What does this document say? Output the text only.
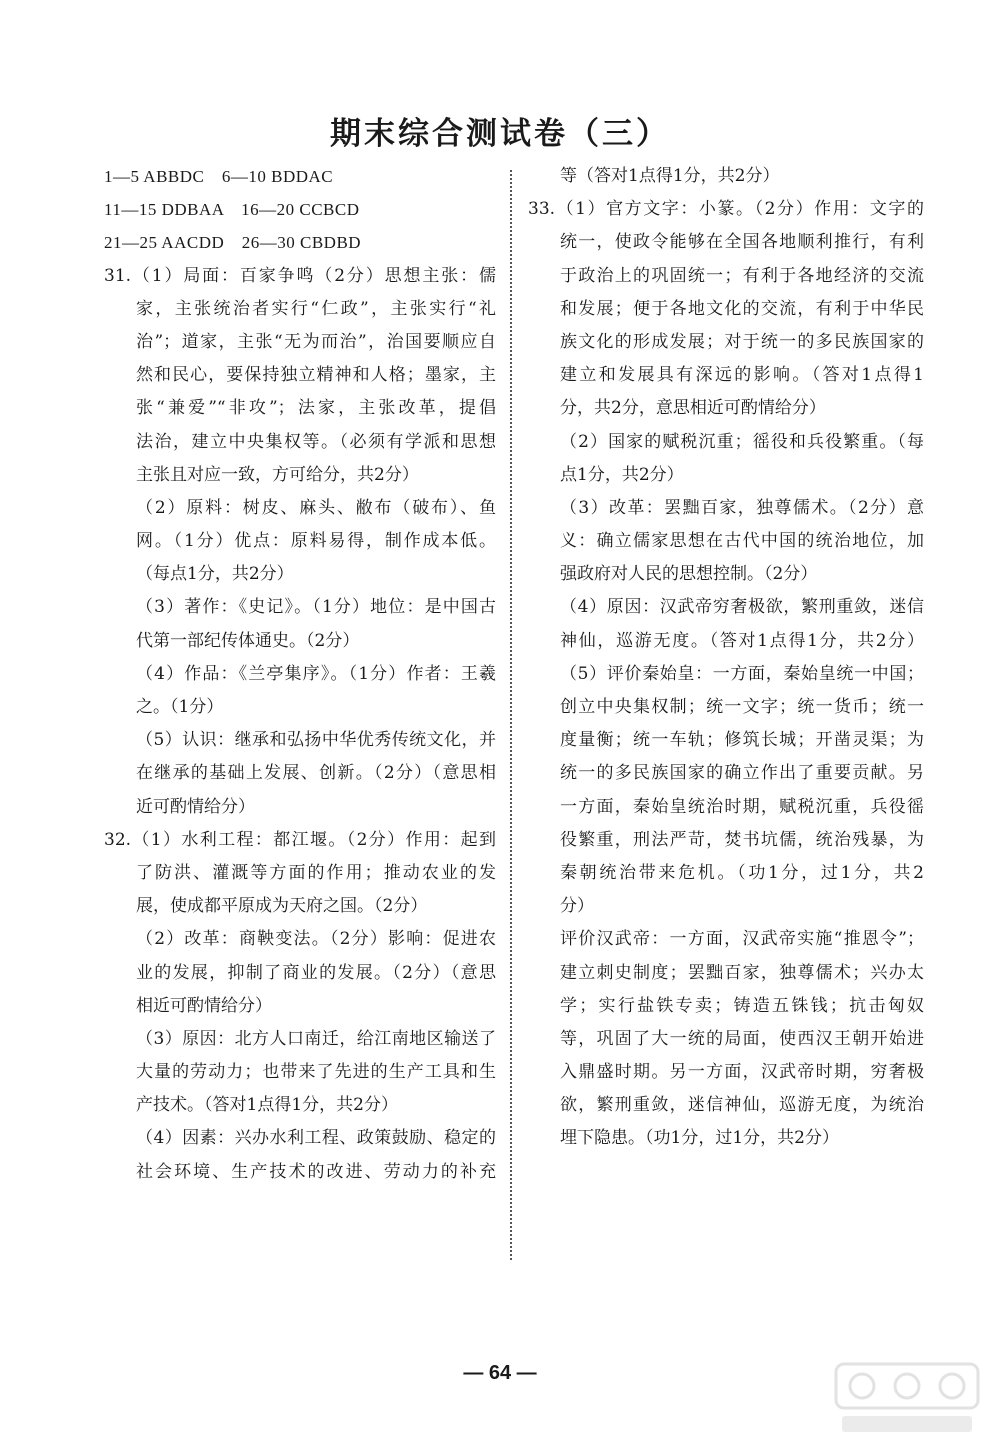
期末综合测试卷（三）
1—5 ABBDC　6—10 BDDAC
11—15 DDBAA　16—20 CCBCD
21—25 AACDD　26—30 CBDBD
31.（1）局面：百家争鸣（2分）思想主张：儒
家，主张统治者实行“仁政”，主张实行“礼
治”；道家，主张“无为而治”，治国要顺应自
然和民心，要保持独立精神和人格；墨家，主
张“兼爱”“非攻”；法家，主张改革，提倡
法治，建立中央集权等。（必须有学派和思想
主张且对应一致，方可给分，共2分）
（2）原料：树皮、麻头、敝布（破布）、鱼
网。（1分）优点：原料易得，制作成本低。
（每点1分，共2分）
（3）著作：《史记》。（1分）地位：是中国古
代第一部纪传体通史。（2分）
（4）作品：《兰亭集序》。（1分）作者：王羲
之。（1分）
（5）认识：继承和弘扬中华优秀传统文化，并
在继承的基础上发展、创新。（2分）（意思相
近可酌情给分）
32.（1）水利工程：都江堰。（2分）作用：起到
了防洪、灌溉等方面的作用；推动农业的发
展，使成都平原成为天府之国。（2分）
（2）改革：商鞅变法。（2分）影响：促进农
业的发展，抑制了商业的发展。（2分）（意思
相近可酌情给分）
（3）原因：北方人口南迁，给江南地区输送了
大量的劳动力；也带来了先进的生产工具和生
产技术。（答对1点得1分，共2分）
（4）因素：兴办水利工程、政策鼓励、稳定的
社会环境、生产技术的改进、劳动力的补充
等（答对1点得1分，共2分）
33.（1）官方文字：小篆。（2分）作用：文字的
统一，使政令能够在全国各地顺利推行，有利
于政治上的巩固统一；有利于各地经济的交流
和发展；便于各地文化的交流，有利于中华民
族文化的形成发展；对于统一的多民族国家的
建立和发展具有深远的影响。（答对1点得1
分，共2分，意思相近可酌情给分）
（2）国家的赋税沉重；徭役和兵役繁重。（每
点1分，共2分）
（3）改革：罢黜百家，独尊儒术。（2分）意
义：确立儒家思想在古代中国的统治地位，加
强政府对人民的思想控制。（2分）
（4）原因：汉武帝穷奢极欲，繁刑重敛，迷信
神仙，巡游无度。（答对1点得1分，共2分）
（5）评价秦始皇：一方面，秦始皇统一中国；
创立中央集权制；统一文字；统一货币；统一
度量衡；统一车轨；修筑长城；开凿灵渠；为
统一的多民族国家的确立作出了重要贡献。另
一方面，秦始皇统治时期，赋税沉重，兵役徭
役繁重，刑法严苛，焚书坑儒，统治残暴，为
秦朝统治带来危机。（功1分，过1分，共2
分）
评价汉武帝：一方面，汉武帝实施“推恩令”；
建立刺史制度；罢黜百家，独尊儒术；兴办太
学；实行盐铁专卖；铸造五铢钱；抗击匈奴
等，巩固了大一统的局面，使西汉王朝开始进
入鼎盛时期。另一方面，汉武帝时期，穷奢极
欲，繁刑重敛，迷信神仙，巡游无度，为统治
埋下隐患。（功1分，过1分，共2分）
— 64 —
